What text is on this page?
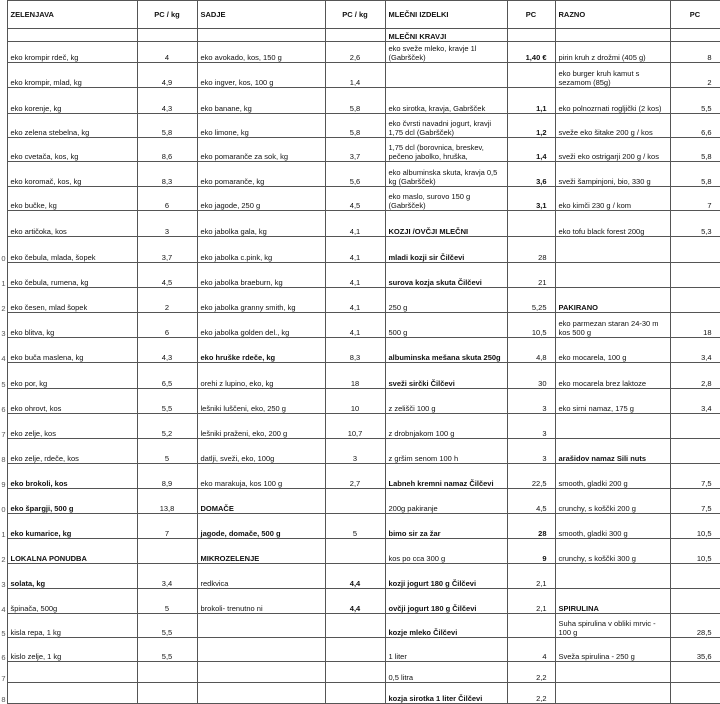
	ZELENJAVA	PC / kg	SADJE	PC / kg	MLEČNI IZDELKI	PC	RAZNO	PC
					MLEČNI KRAVJI			
	eko krompir rdeč, kg	4	eko avokado, kos, 150 g	2,6	eko sveže mleko, kravje 1l (Gabršček)	1,40 €	pirin kruh z drožmi (405 g)	8
	eko krompir, mlad, kg	4,9	eko ingver, kos, 100 g	1,4			eko burger kruh kamut s sezamom (85g)	2
	eko korenje, kg	4,3	eko banane, kg	5,8	eko sirotka, kravja, Gabršček	1,1	eko polnozrnati rogljički (2 kos)	5,5
	eko zelena stebelna, kg	5,8	eko limone, kg	5,8	eko čvrsti navadni jogurt, kravji 1,75 dcl (Gabršček)	1,2	sveže eko šitake 200 g / kos	6,6
	eko cvetača, kos, kg	8,6	eko pomaranče za sok, kg	3,7	1,75 dcl (borovnica, breskev, pečeno jabolko, hruška,	1,4	sveži eko ostrigarji 200 g / kos	5,8
	eko koromač, kos, kg	8,3	eko pomaranče, kg	5,6	eko albuminska skuta, kravja 0,5 kg (Gabršček)	3,6	sveži šampinjoni, bio, 330 g	5,8
	eko bučke, kg	6	eko jagode, 250 g	4,5	eko maslo, surovo 150 g (Gabršček)	3,1	eko kimči 230 g / kom	7
	eko artičoka, kos	3	eko jabolka gala, kg	4,1	KOZJI /OVČJI MLEČNI		eko tofu black forest 200g	5,3
0	eko čebula, mlada, šopek	3,7	eko jabolka c.pink, kg	4,1	mladi kozji sir Čilčevi	28		
1	eko čebula, rumena, kg	4,5	eko jabolka braeburn, kg	4,1	surova kozja skuta Čilčevi	21		
2	eko česen, mlad šopek	2	eko jabolka granny smith, kg	4,1	250 g	5,25	PAKIRANO	
3	eko blitva, kg	6	eko jabolka golden del., kg	4,1	500 g	10,5	eko parmezan staran 24-30 m kos 500 g	18
4	eko buča maslena, kg	4,3	eko hruške rdeče, kg	8,3	albuminska mešana skuta 250g	4,8	eko mocarela, 100 g	3,4
5	eko por, kg	6,5	orehi z lupino, eko, kg	18	sveži sirčki Čilčevi	30	eko mocarela brez laktoze	2,8
6	eko ohrovt, kos	5,5	lešniki luščeni, eko, 250 g	10	z zelišči 100 g	3	eko sirni namaz, 175 g	3,4
7	eko zelje, kos	5,2	lešniki praženi, eko, 200 g	10,7	z drobnjakom 100 g	3		
8	eko zelje, rdeče, kos	5	datlji, sveži, eko, 100g	3	z gršim senom 100 h	3	arašidov namaz Sili nuts	
9	eko brokoli, kos	8,9	eko marakuja, kos 100 g	2,7	Labneh kremni namaz Čilčevi	22,5	smooth, gladki 200 g	7,5
0	eko špargji, 500 g	13,8	DOMAČE		200g pakiranje	4,5	crunchy, s koščki 200 g	7,5
1	eko kumarice, kg	7	jagode, domače, 500 g	5	bimo sir za žar	28	smooth, gladki 300 g	10,5
2	LOKALNA PONUDBA		MIKROZELENJE		kos po cca 300 g	9	crunchy, s koščki 300 g	10,5
3	solata, kg	3,4	redkvica	4,4	kozji jogurt 180 g Čilčevi	2,1		
4	špinača, 500g	5	brokoli- trenutno ni	4,4	ovčji jogurt 180 g Čilčevi	2,1	SPIRULINA	
5	kisla repa, 1 kg	5,5			kozje mleko Čilčevi		Suha spirulina v obliki mrvic - 100 g	28,5
6	kislo zelje, 1 kg	5,5			1 liter	4	Sveža spirulina - 250 g	35,6
7					0,5 litra	2,2		
8					kozja sirotka 1 liter Čilčevi	2,2		
